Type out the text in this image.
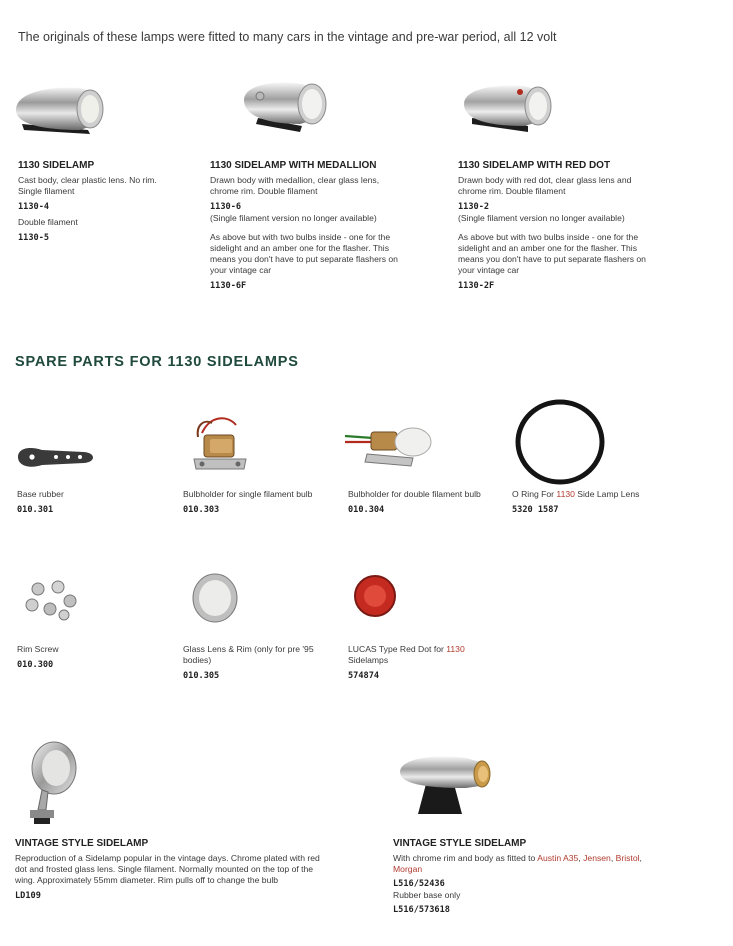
The originals of these lamps were fitted to many cars in the vintage and pre-war period, all 12 volt
1130 SIDELAMP
Cast body, clear plastic lens. No rim. Single filament
1130-4
Double filament
1130-5
1130 SIDELAMP WITH MEDALLION
Drawn body with medallion, clear glass lens, chrome rim. Double filament
1130-6
(Single filament version no longer available)
As above but with two bulbs inside - one for the sidelight and an amber one for the flasher. This means you don't have to put separate flashers on your vintage car
1130-6F
1130 SIDELAMP WITH RED DOT
Drawn body with red dot, clear glass lens and chrome rim. Double filament
1130-2
(Single filament version no longer available)
As above but with two bulbs inside - one for the sidelight and an amber one for the flasher. This means you don't have to put separate flashers on your vintage car
1130-2F
SPARE PARTS FOR 1130 SIDELAMPS
Base rubber
010.301
Bulbholder for single filament bulb
010.303
Bulbholder for double filament bulb
010.304
O Ring For 1130 Side Lamp Lens
5320 1587
Rim Screw
010.300
Glass Lens & Rim (only for pre '95 bodies)
010.305
LUCAS Type Red Dot for 1130 Sidelamps
574874
VINTAGE STYLE SIDELAMP
Reproduction of a Sidelamp popular in the vintage days. Chrome plated with red dot and frosted glass lens. Single filament. Normally mounted on the top of the wing. Approximately 55mm diameter. Rim pulls off to change the bulb
LD109
VINTAGE STYLE SIDELAMP
With chrome rim and body as fitted to Austin A35, Jensen, Bristol, Morgan
L516/52436
Rubber base only
L516/573618
